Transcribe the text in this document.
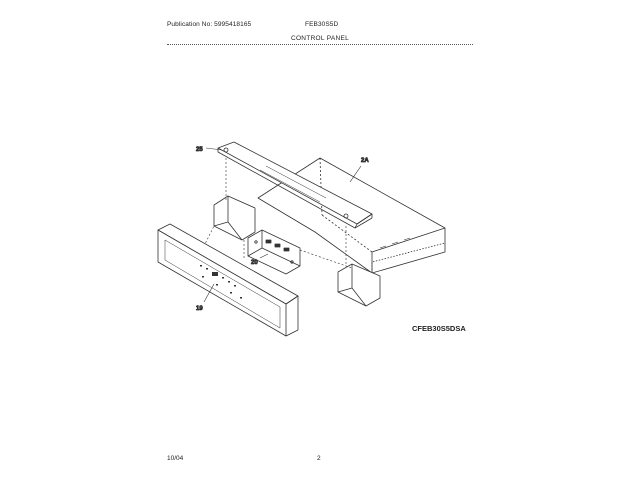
Publication No: 5995418165	FEB30S5D
CONTROL PANEL
25
2A
20
19
CFEB30S5DSA
10/04	2
